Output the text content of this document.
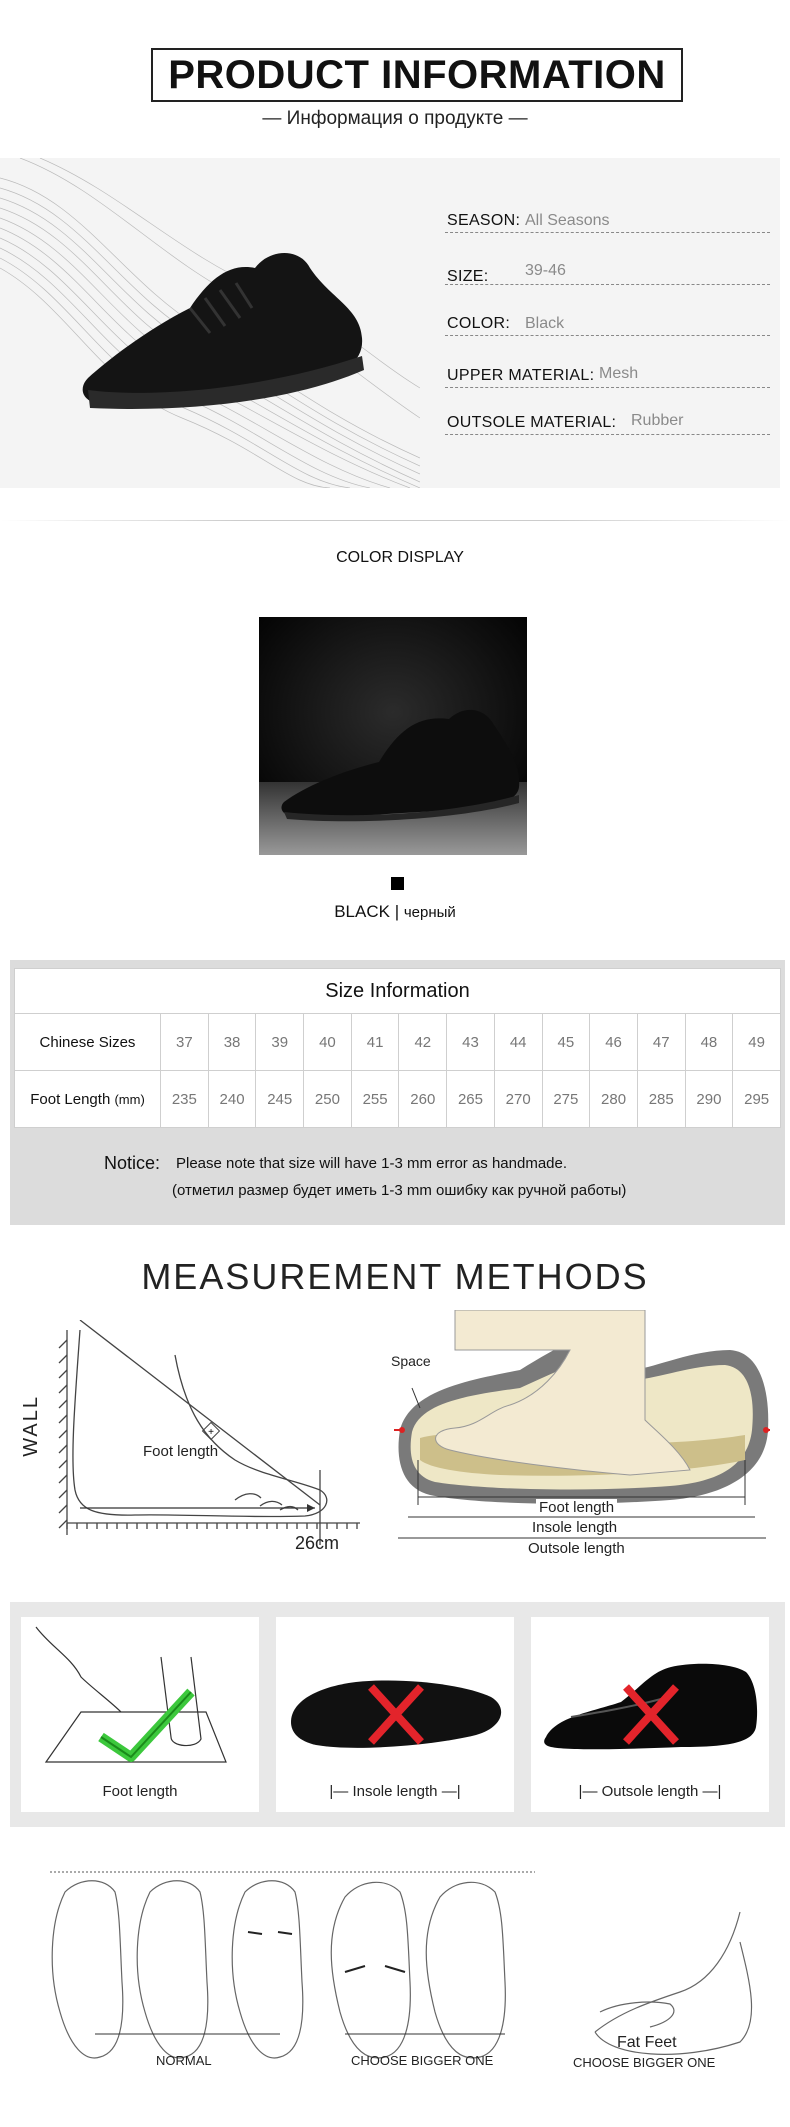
PRODUCT INFORMATION
— Информация о продукте —
SEASON: All Seasons
SIZE: 39-46
COLOR: Black
UPPER MATERIAL: Mesh
OUTSOLE MATERIAL: Rubber
COLOR DISPLAY
BLACK | черный
Size Information													
Chinese Sizes	37	38	39	40	41	42	43	44	45	46	47	48	49
Foot Length (mm)	235	240	245	250	255	260	265	270	275	280	285	290	295
Notice: Please note that size will have 1-3 mm error as handmade.
(отметил размер будет иметь 1-3 mm ошибку как ручной работы)
MEASUREMENT METHODS
+
WALL	Foot length
26cm
Space
Foot length
Insole length
Outsole length
Foot length	|— Insole length —|	|— Outsole length —|
NORMAL	CHOOSE BIGGER ONE
Fat Feet
CHOOSE BIGGER ONE
